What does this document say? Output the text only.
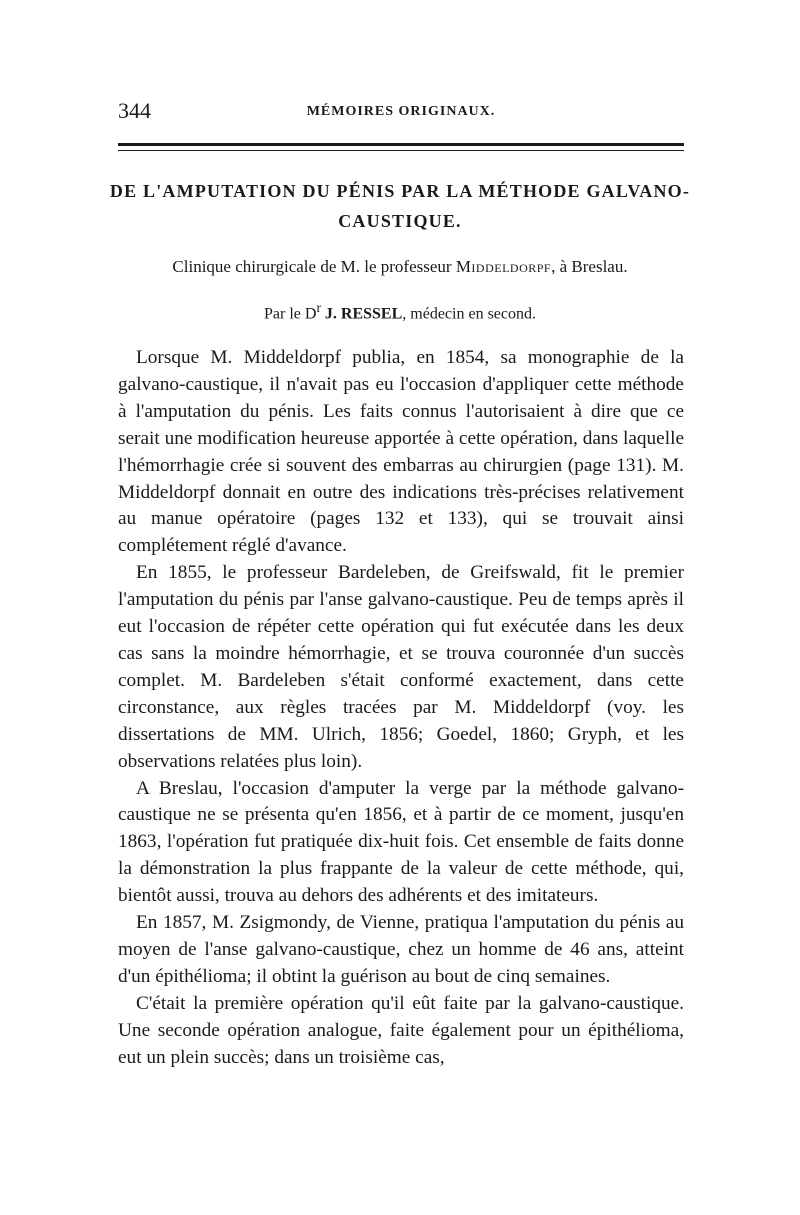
344	MÉMOIRES ORIGINAUX.
DE L'AMPUTATION DU PÉNIS PAR LA MÉTHODE GALVANO-CAUSTIQUE.
Clinique chirurgicale de M. le professeur Middeldorpf, à Breslau.
Par le $D^r$ J. RESSEL, médecin en second.

Lorsque M. Middeldorpf publia, en 1854, sa monographie de la galvano-caustique, il n'avait pas eu l'occasion d'appliquer cette méthode à l'amputation du pénis. Les faits connus l'autorisaient à dire que ce serait une modification heureuse apportée à cette opération, dans laquelle l'hémorrhagie crée si souvent des embarras au chirurgien (page 131). M. Middeldorpf donnait en outre des indications très-précises relativement au manue opératoire (pages 132 et 133), qui se trouvait ainsi complétement réglé d'avance.

En 1855, le professeur Bardeleben, de Greifswald, fit le premier l'amputation du pénis par l'anse galvano-caustique. Peu de temps après il eut l'occasion de répéter cette opération qui fut exécutée dans les deux cas sans la moindre hémorrhagie, et se trouva couronnée d'un succès complet. M. Bardeleben s'était conformé exactement, dans cette circonstance, aux règles tracées par M. Middeldorpf (voy. les dissertations de MM. Ulrich, 1856; Goedel, 1860; Gryph, et les observations relatées plus loin).

A Breslau, l'occasion d'amputer la verge par la méthode galvano-caustique ne se présenta qu'en 1856, et à partir de ce moment, jusqu'en 1863, l'opération fut pratiquée dix-huit fois. Cet ensemble de faits donne la démonstration la plus frappante de la valeur de cette méthode, qui, bientôt aussi, trouva au dehors des adhérents et des imitateurs.

En 1857, M. Zsigmondy, de Vienne, pratiqua l'amputation du pénis au moyen de l'anse galvano-caustique, chez un homme de 46 ans, atteint d'un épithélioma; il obtint la guérison au bout de cinq semaines.

C'était la première opération qu'il eût faite par la galvano-caustique. Une seconde opération analogue, faite également pour un épithélioma, eut un plein succès; dans un troisième cas,
